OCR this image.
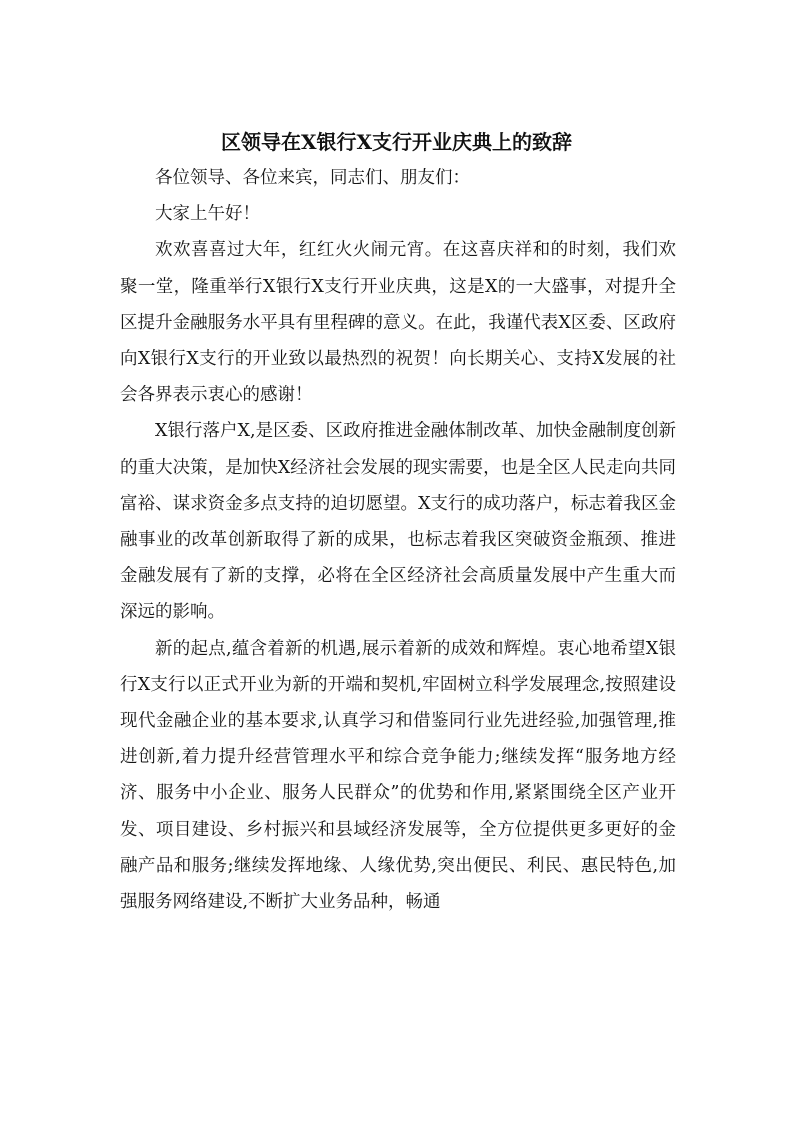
区领导在X银行X支行开业庆典上的致辞

各位领导、各位来宾，同志们、朋友们：

大家上午好！

欢欢喜喜过大年，红红火火闹元宵。在这喜庆祥和的时刻，我们欢聚一堂，隆重举行X银行X支行开业庆典，这是X的一大盛事，对提升全区提升金融服务水平具有里程碑的意义。在此，我谨代表X区委、区政府向X银行X支行的开业致以最热烈的祝贺！向长期关心、支持X发展的社会各界表示衷心的感谢！

X银行落户X,是区委、区政府推进金融体制改革、加快金融制度创新的重大决策，是加快X经济社会发展的现实需要，也是全区人民走向共同富裕、谋求资金多点支持的迫切愿望。X支行的成功落户，标志着我区金融事业的改革创新取得了新的成果，也标志着我区突破资金瓶颈、推进金融发展有了新的支撑，必将在全区经济社会高质量发展中产生重大而深远的影响。

新的起点,蕴含着新的机遇,展示着新的成效和辉煌。衷心地希望X银行X支行以正式开业为新的开端和契机,牢固树立科学发展理念,按照建设现代金融企业的基本要求,认真学习和借鉴同行业先进经验,加强管理,推进创新,着力提升经营管理水平和综合竞争能力;继续发挥“服务地方经济、服务中小企业、服务人民群众”的优势和作用,紧紧围绕全区产业开发、项目建设、乡村振兴和县域经济发展等，全方位提供更多更好的金融产品和服务;继续发挥地缘、人缘优势,突出便民、利民、惠民特色,加强服务网络建设,不断扩大业务品种，畅通
